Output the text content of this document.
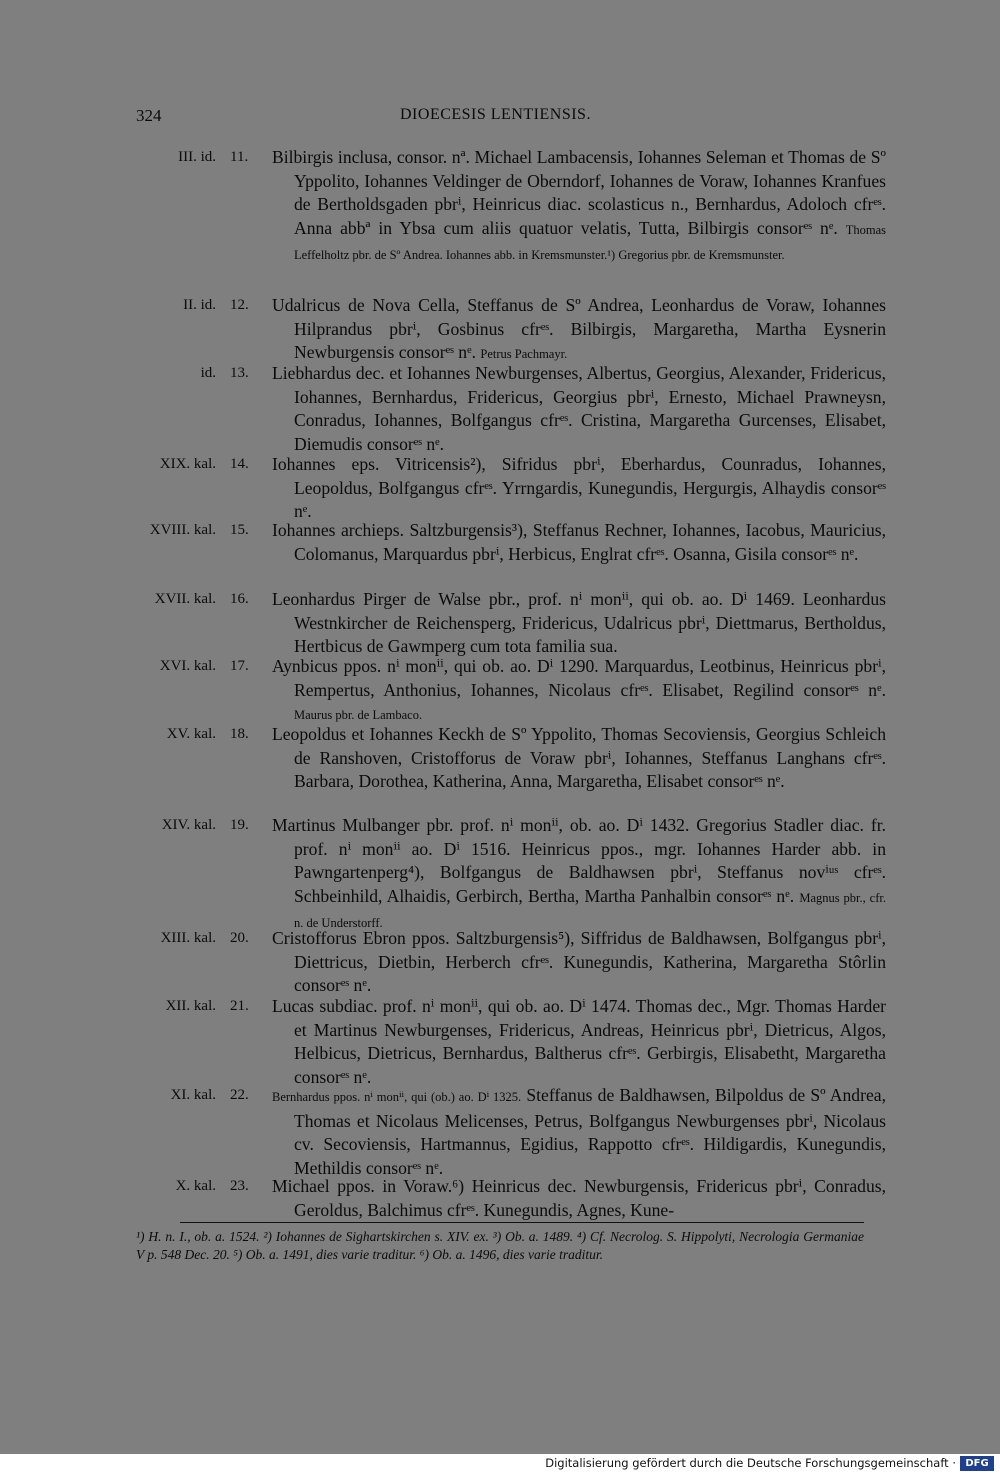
324	DIOECESIS LENTIENSIS.
III. id. 11. Bilbirgis inclusa, consor. nª. Michael Lambacensis, Iohannes Seleman et Thomas de Sº Yppolito, Iohannes Veldinger de Oberndorf, Iohannes de Voraw, Iohannes Kranfues de Bertholdsgaden pbrⁱ, Heinricus diac. scolasticus n., Bernhardus, Adoloch cfrᵉˢ. Anna abbª in Ybsa cum aliis quatuor velatis, Tutta, Bilbirgis consorᵉˢ nᵉ. Thomas Leffelholtz pbr. de Sº Andrea. Iohannes abb. in Kremsmunster.¹) Gregorius pbr. de Kremsmunster.
II. id. 12. Udalricus de Nova Cella, Steffanus de Sº Andrea, Leonhardus de Voraw, Iohannes Hilprandus pbrⁱ, Gosbinus cfrᵉˢ. Bilbirgis, Margaretha, Martha Eysnerin Newburgensis consorᵉˢ nᵉ. Petrus Pachmayr.
id. 13. Liebhardus dec. et Iohannes Newburgenses, Albertus, Georgius, Alexander, Fridericus, Iohannes, Bernhardus, Fridericus, Georgius pbrⁱ, Ernesto, Michael Prawneysn, Conradus, Iohannes, Bolfgangus cfrᵉˢ. Cristina, Margaretha Gurcenses, Elisabet, Diemudis consorᵉˢ nᵉ.
XIX. kal. 14. Iohannes eps. Vitricensis²), Sifridus pbrⁱ, Eberhardus, Counradus, Iohannes, Leopoldus, Bolfgangus cfrᵉˢ. Yrrngardis, Kunegundis, Hergurgis, Alhaydis consorᵉˢ nᵉ.
XVIII. kal. 15. Iohannes archieps. Saltzburgensis³), Steffanus Rechner, Iohannes, Iacobus, Mauricius, Colomanus, Marquardus pbrⁱ, Herbicus, Englrat cfrᵉˢ. Osanna, Gisila consorᵉˢ nᵉ.
XVII. kal. 16. Leonhardus Pirger de Walse pbr., prof. nⁱ monⁱⁱ, qui ob. ao. Dⁱ 1469. Leonhardus Westnkircher de Reichensperg, Fridericus, Udalricus pbrⁱ, Diettmarus, Bertholdus, Hertbicus de Gawmperg cum tota familia sua.
XVI. kal. 17. Aynbicus ppos. nⁱ monⁱⁱ, qui ob. ao. Dⁱ 1290. Marquardus, Leotbinus, Heinricus pbrⁱ, Rempertus, Anthonius, Iohannes, Nicolaus cfrᵉˢ. Elisabet, Regilind consorᵉˢ nᵉ. Maurus pbr. de Lambaco.
XV. kal. 18. Leopoldus et Iohannes Keckh de Sº Yppolito, Thomas Secoviensis, Georgius Schleich de Ranshoven, Cristofforus de Voraw pbrⁱ, Iohannes, Steffanus Langhans cfrᵉˢ. Barbara, Dorothea, Katherina, Anna, Margaretha, Elisabet consorᵉˢ nᵉ.
XIV. kal. 19. Martinus Mulbanger pbr. prof. nⁱ monⁱⁱ, ob. ao. Dⁱ 1432. Gregorius Stadler diac. fr. prof. nⁱ monⁱⁱ ao. Dⁱ 1516. Heinricus ppos., mgr. Iohannes Harder abb. in Pawngartenperg⁴), Bolfgangus de Baldhawsen pbrⁱ, Steffanus novⁱᵘˢ cfrᵉˢ. Schbeinhild, Alhaidis, Gerbirch, Bertha, Martha Panhalbin consorᵉˢ nᵉ. Magnus pbr., cfr. n. de Understorff.
XIII. kal. 20. Cristofforus Ebron ppos. Saltzburgensis⁵), Siffridus de Baldhawsen, Bolfgangus pbrⁱ, Diettricus, Dietbin, Herberch cfrᵉˢ. Kunegundis, Katherina, Margaretha Stôrlin consorᵉˢ nᵉ.
XII. kal. 21. Lucas subdiac. prof. nⁱ monⁱⁱ, qui ob. ao. Dⁱ 1474. Thomas dec., Mgr. Thomas Harder et Martinus Newburgenses, Fridericus, Andreas, Heinricus pbrⁱ, Dietricus, Algos, Helbicus, Dietricus, Bernhardus, Baltherus cfrᵉˢ. Gerbirgis, Elisabetht, Margaretha consorᵉˢ nᵉ.
XI. kal. 22. Bernhardus ppos. nⁱ monⁱⁱ, qui (ob.) ao. Dⁱ 1325. Steffanus de Baldhawsen, Bilpoldus de Sº Andrea, Thomas et Nicolaus Melicenses, Petrus, Bolfgangus Newburgenses pbrⁱ, Nicolaus cv. Secoviensis, Hartmannus, Egidius, Rappotto cfrᵉˢ. Hildigardis, Kunegundis, Methildis consorᵉˢ nᵉ.
X. kal. 23. Michael ppos. in Voraw.⁶) Heinricus dec. Newburgensis, Fridericus pbrⁱ, Conradus, Geroldus, Balchimus cfrᵉˢ. Kunegundis, Agnes, Kune-
¹) H. n. I., ob. a. 1524. ²) Iohannes de Sighartskirchen s. XIV. ex. ³) Ob. a. 1489. ⁴) Cf. Necrolog. S. Hippolyti, Necrologia Germaniae V p. 548 Dec. 20. ⁵) Ob. a. 1491, dies varie traditur. ⁶) Ob. a. 1496, dies varie traditur.
Digitalisierung gefördert durch die Deutsche Forschungsgemeinschaft · DFG
